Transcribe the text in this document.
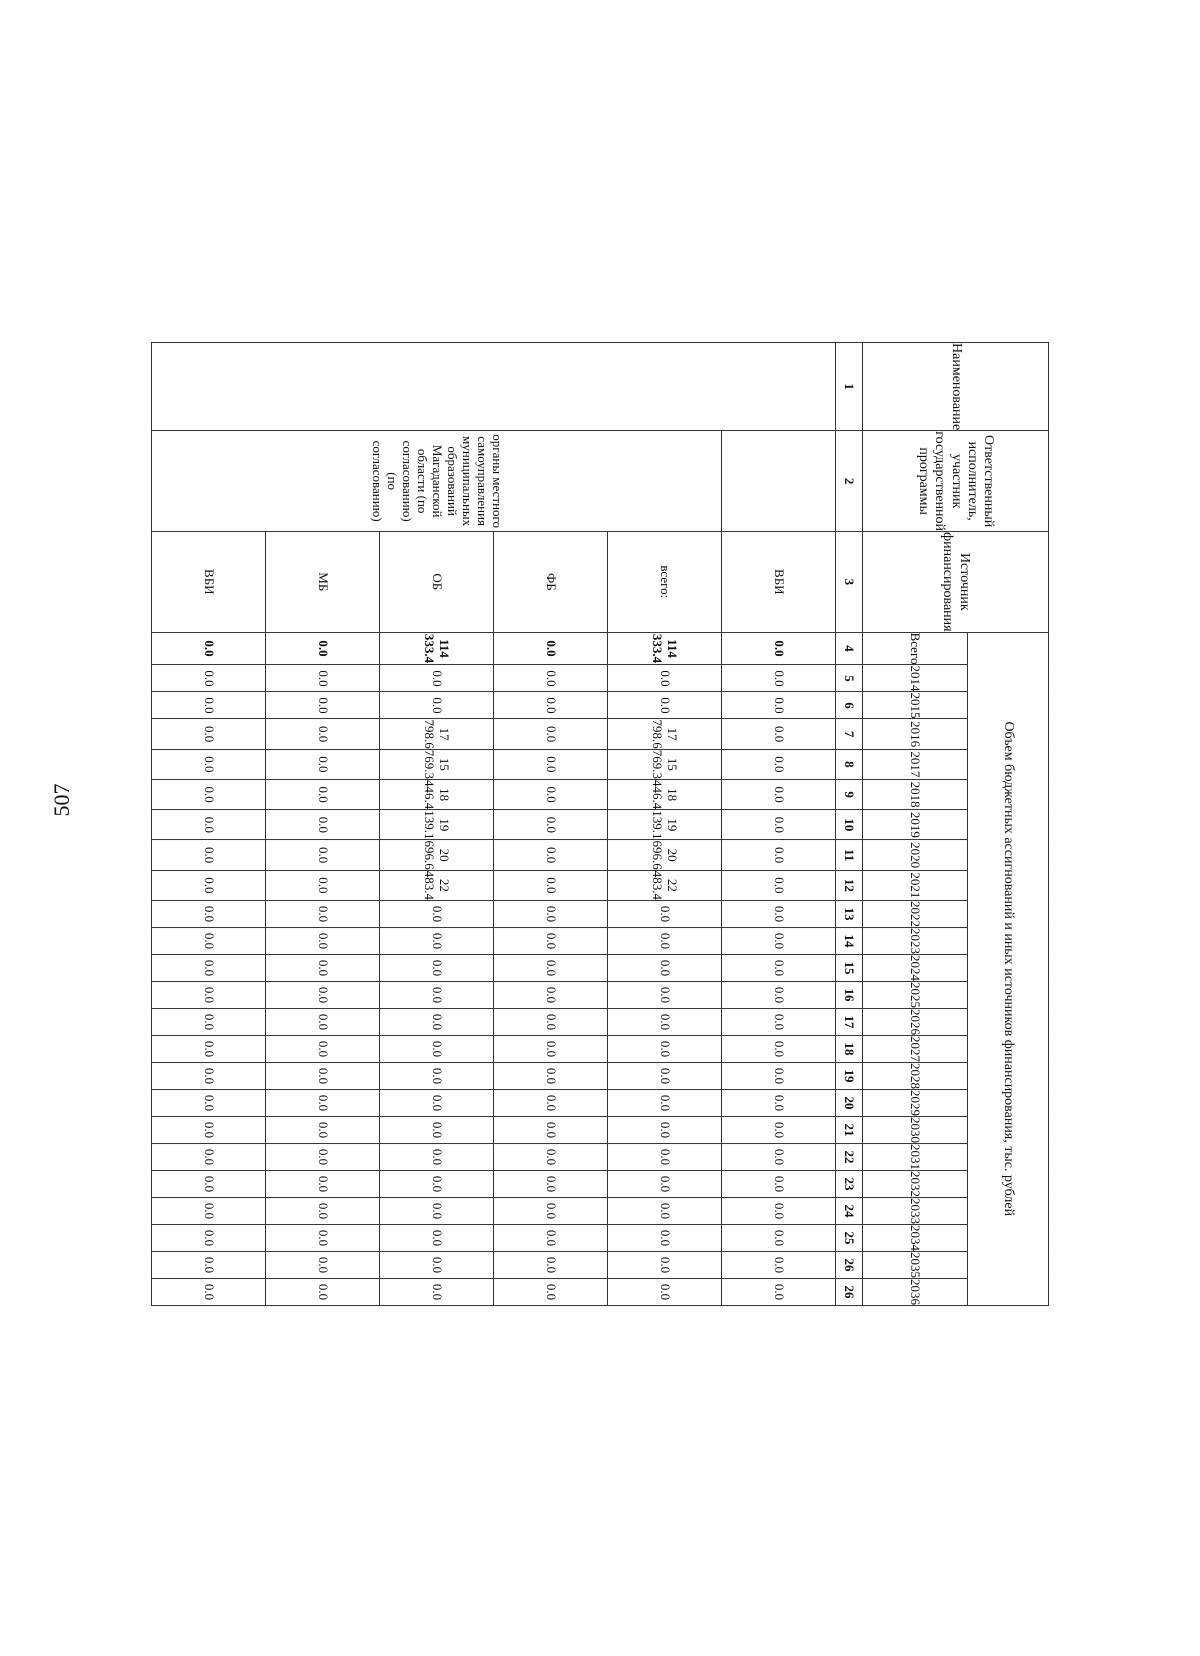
507
Наименование	Ответственный исполнитель, участник государственной программы	Источник финансирования	Объем бюджетных ассигнований и иных источников финансирования, тыс. рублей																							
			Всего	2014	2015	2016	2017	2018	2019	2020	2021	2022	2023	2024	2025	2026	2027	2028	2029	2030	2031	2032	2033	2034	2035	2036
1	2	3	4	5	6	7	8	9	10	11	12	13	14	15	16	17	18	19	20	21	22	23	24	25	26	26
		ВБИ	0.0	0.0	0.0	0.0	0.0	0.0	0.0	0.0	0.0	0.0	0.0	0.0	0.0	0.0	0.0	0.0	0.0	0.0	0.0	0.0	0.0	0.0	0.0	0.0
	органы местного самоуправления муниципальных образований Магаданской области (по согласованию) (по согласованию)	всего:	114 333.4	0.0	0.0	17 798.6	15 769.3	18 446.4	19 139.1	20 696.6	22 483.4	0.0	0.0	0.0	0.0	0.0	0.0	0.0	0.0	0.0	0.0	0.0	0.0	0.0	0.0	0.0
		ФБ	0.0	0.0	0.0	0.0	0.0	0.0	0.0	0.0	0.0	0.0	0.0	0.0	0.0	0.0	0.0	0.0	0.0	0.0	0.0	0.0	0.0	0.0	0.0	0.0
		ОБ	114 333.4	0.0	0.0	17 798.6	15 769.3	18 446.4	19 139.1	20 696.6	22 483.4	0.0	0.0	0.0	0.0	0.0	0.0	0.0	0.0	0.0	0.0	0.0	0.0	0.0	0.0	0.0
		МБ	0.0	0.0	0.0	0.0	0.0	0.0	0.0	0.0	0.0	0.0	0.0	0.0	0.0	0.0	0.0	0.0	0.0	0.0	0.0	0.0	0.0	0.0	0.0	0.0
		ВБИ	0.0	0.0	0.0	0.0	0.0	0.0	0.0	0.0	0.0	0.0	0.0	0.0	0.0	0.0	0.0	0.0	0.0	0.0	0.0	0.0	0.0	0.0	0.0	0.0
